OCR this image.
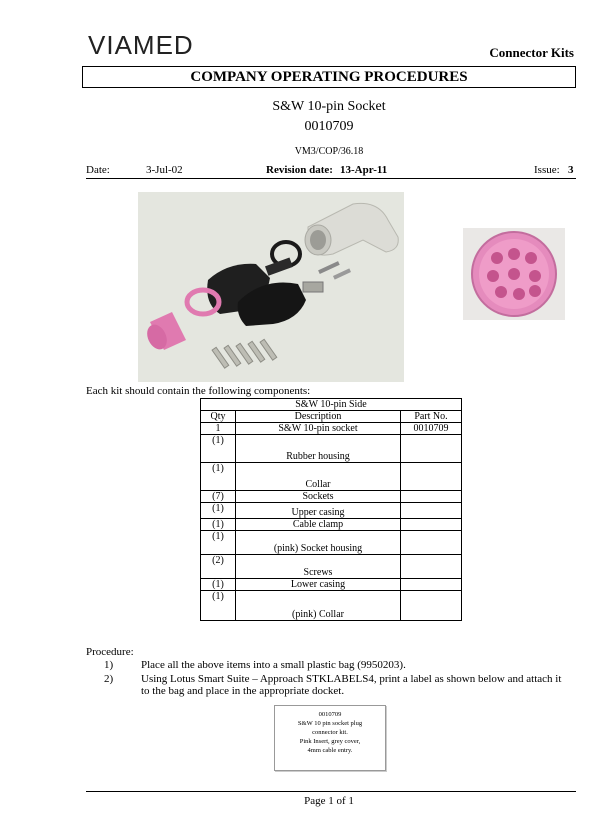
VIAMED	Connector Kits
COMPANY OPERATING PROCEDURES
S&W 10-pin Socket
0010709
VM3/COP/36.18
Date:	3-Jul-02	Revision date: 13-Apr-11	Issue: 3
Each kit should contain the following components:
S&W 10-pin Side		
Qty	Description	Part No.
1	S&W 10-pin socket	0010709
(1)	Rubber housing	
(1)	Collar	
(7)	Sockets	
(1)	Upper casing	
(1)	Cable clamp	
(1)	(pink) Socket housing	
(2)	Screws	
(1)	Lower casing	
(1)	(pink) Collar	
Procedure:
1)	Place all the above items into a small plastic bag (9950203).
2)	Using Lotus Smart Suite – Approach STKLABELS4, print a label as shown below and attach it to the bag and place in the appropriate docket.
0010709
S&W 10 pin socket plug
connector kit.
Pink Insert, grey cover,
4mm cable entry.
Page 1 of 1
